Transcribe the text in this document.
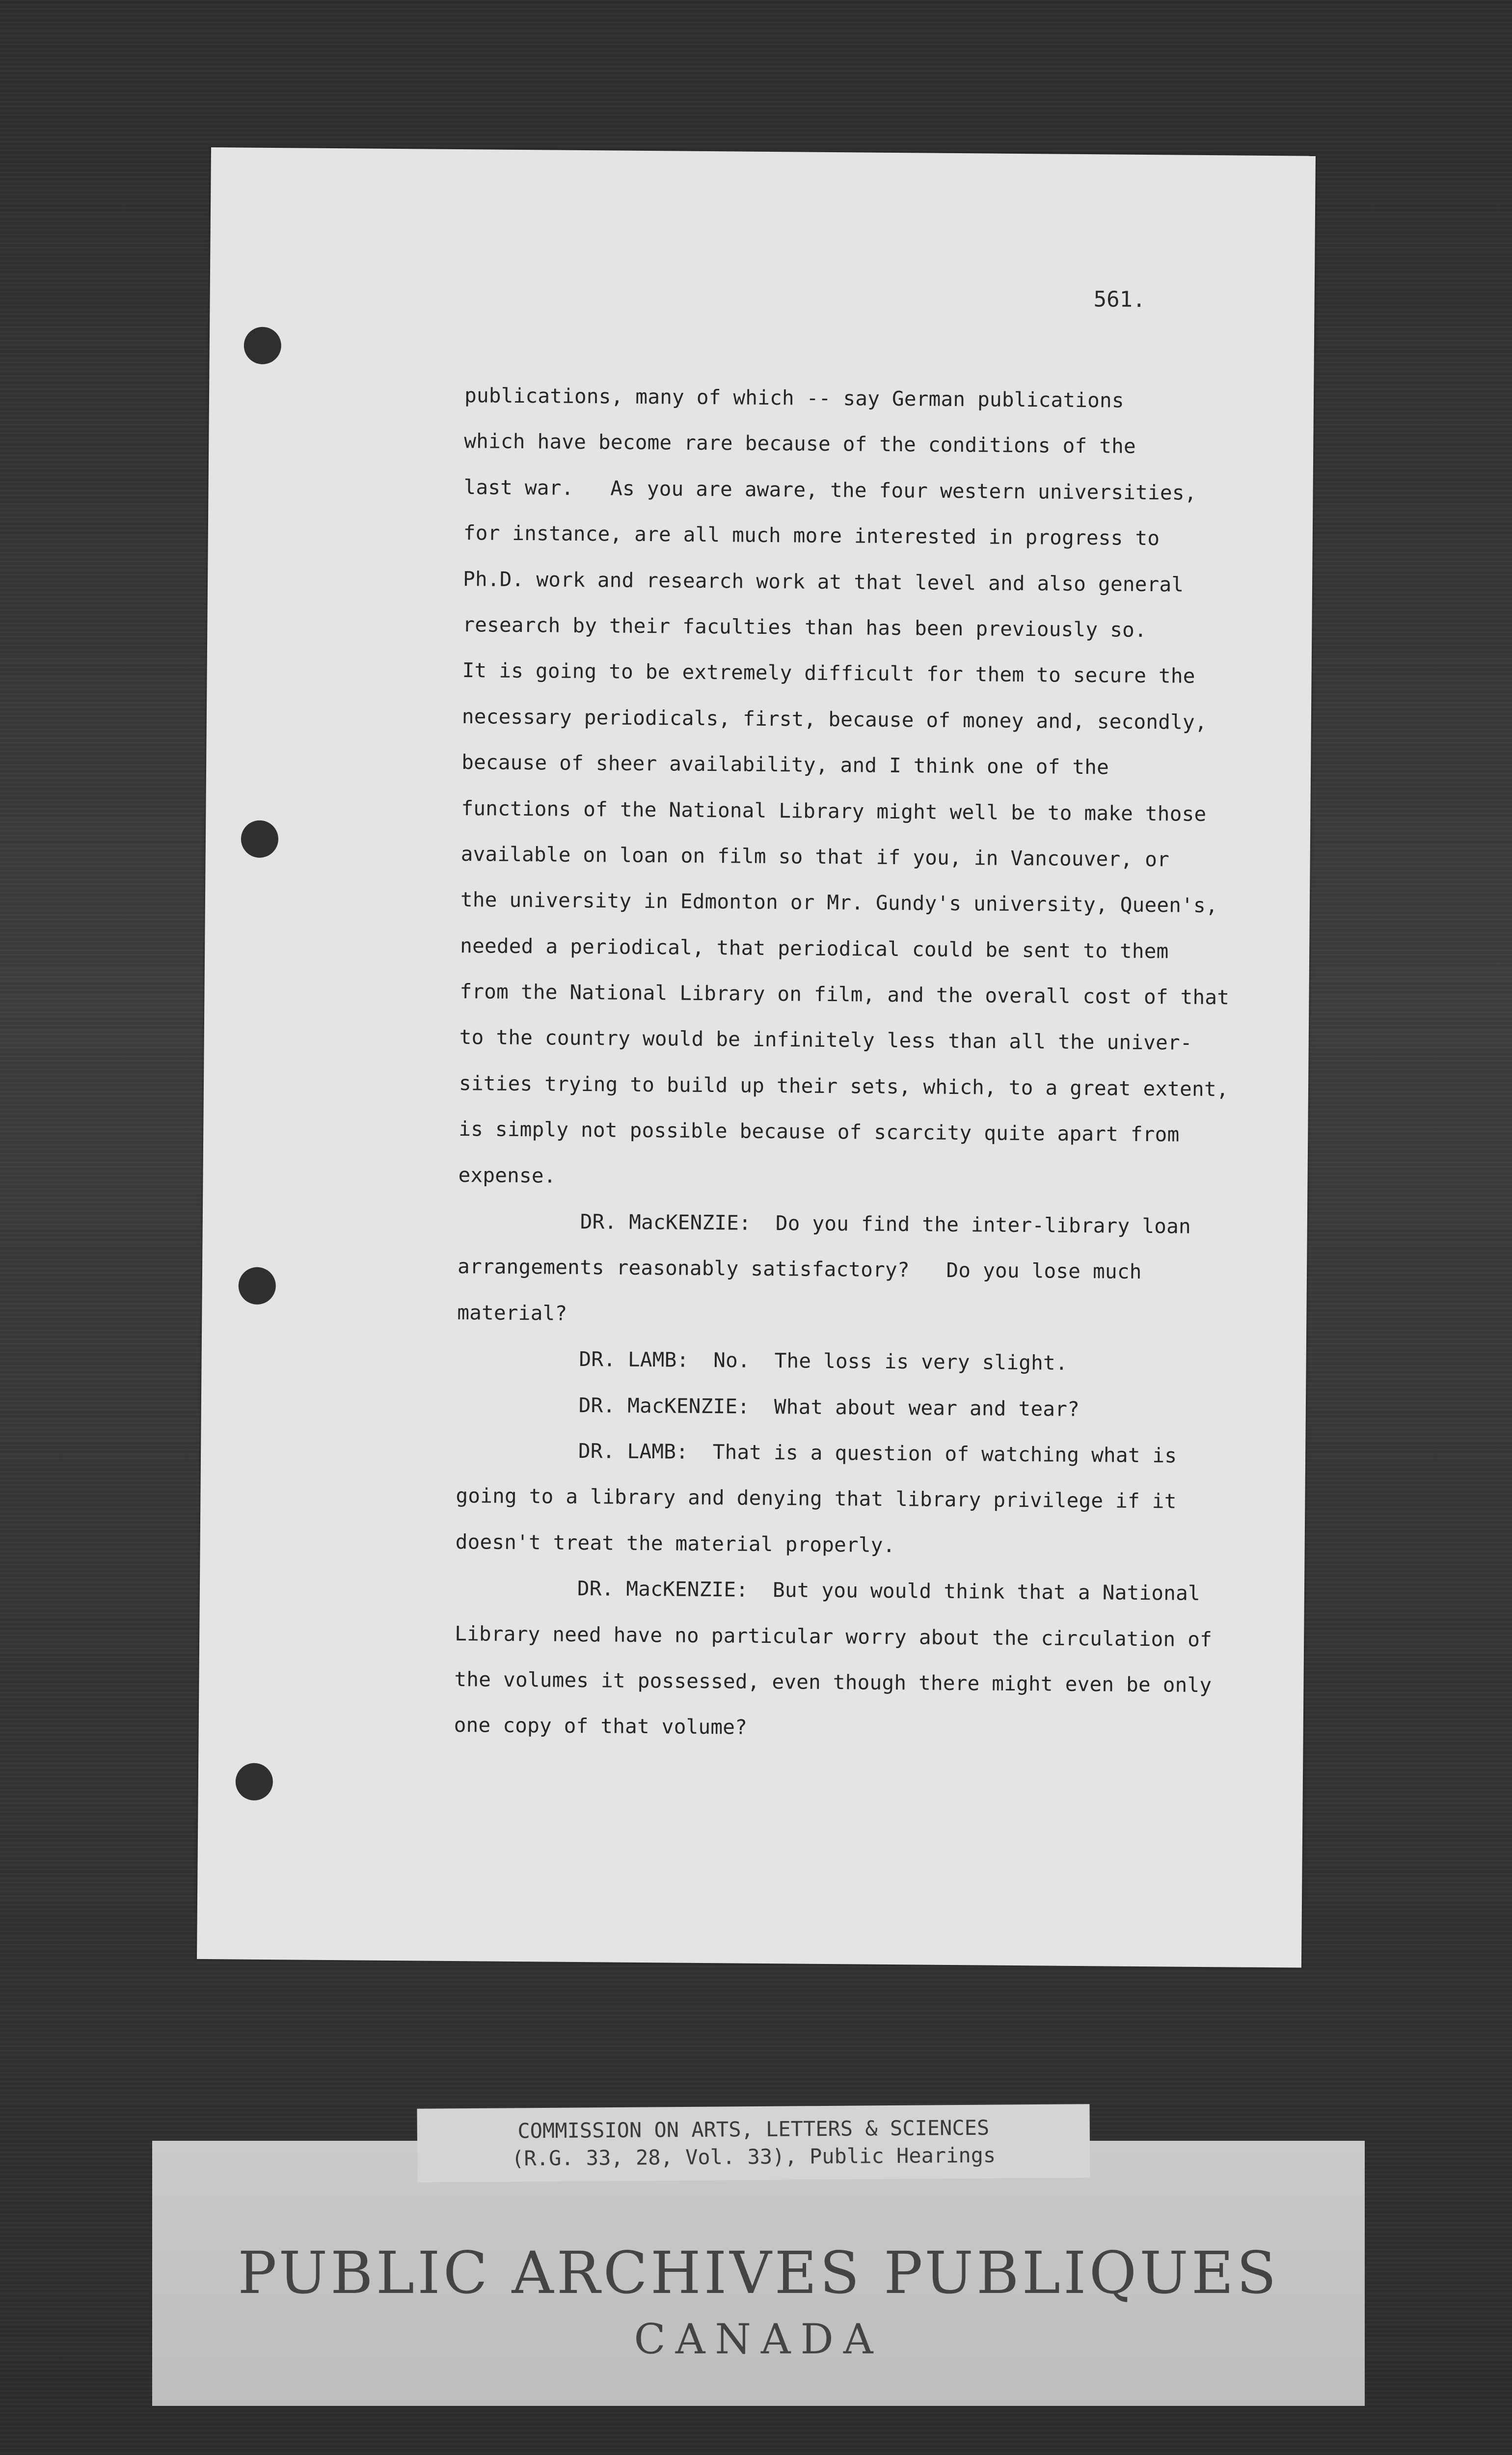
561.
publications, many of which -- say German publications
which have become rare because of the conditions of the
last war.   As you are aware, the four western universities,
for instance, are all much more interested in progress to
Ph.D. work and research work at that level and also general
research by their faculties than has been previously so.
It is going to be extremely difficult for them to secure the
necessary periodicals, first, because of money and, secondly,
because of sheer availability, and I think one of the
functions of the National Library might well be to make those
available on loan on film so that if you, in Vancouver, or
the university in Edmonton or Mr. Gundy's university, Queen's,
needed a periodical, that periodical could be sent to them
from the National Library on film, and the overall cost of that
to the country would be infinitely less than all the univer-
sities trying to build up their sets, which, to a great extent,
is simply not possible because of scarcity quite apart from
expense.
DR. MacKENZIE:  Do you find the inter-library loan
arrangements reasonably satisfactory?   Do you lose much
material?
DR. LAMB:  No.  The loss is very slight.
DR. MacKENZIE:  What about wear and tear?
DR. LAMB:  That is a question of watching what is
going to a library and denying that library privilege if it
doesn't treat the material properly.
DR. MacKENZIE:  But you would think that a National
Library need have no particular worry about the circulation of
the volumes it possessed, even though there might even be only
one copy of that volume?
PUBLIC ARCHIVES PUBLIQUES
CANADA
COMMISSION ON ARTS, LETTERS & SCIENCES
(R.G. 33, 28, Vol. 33), Public Hearings
